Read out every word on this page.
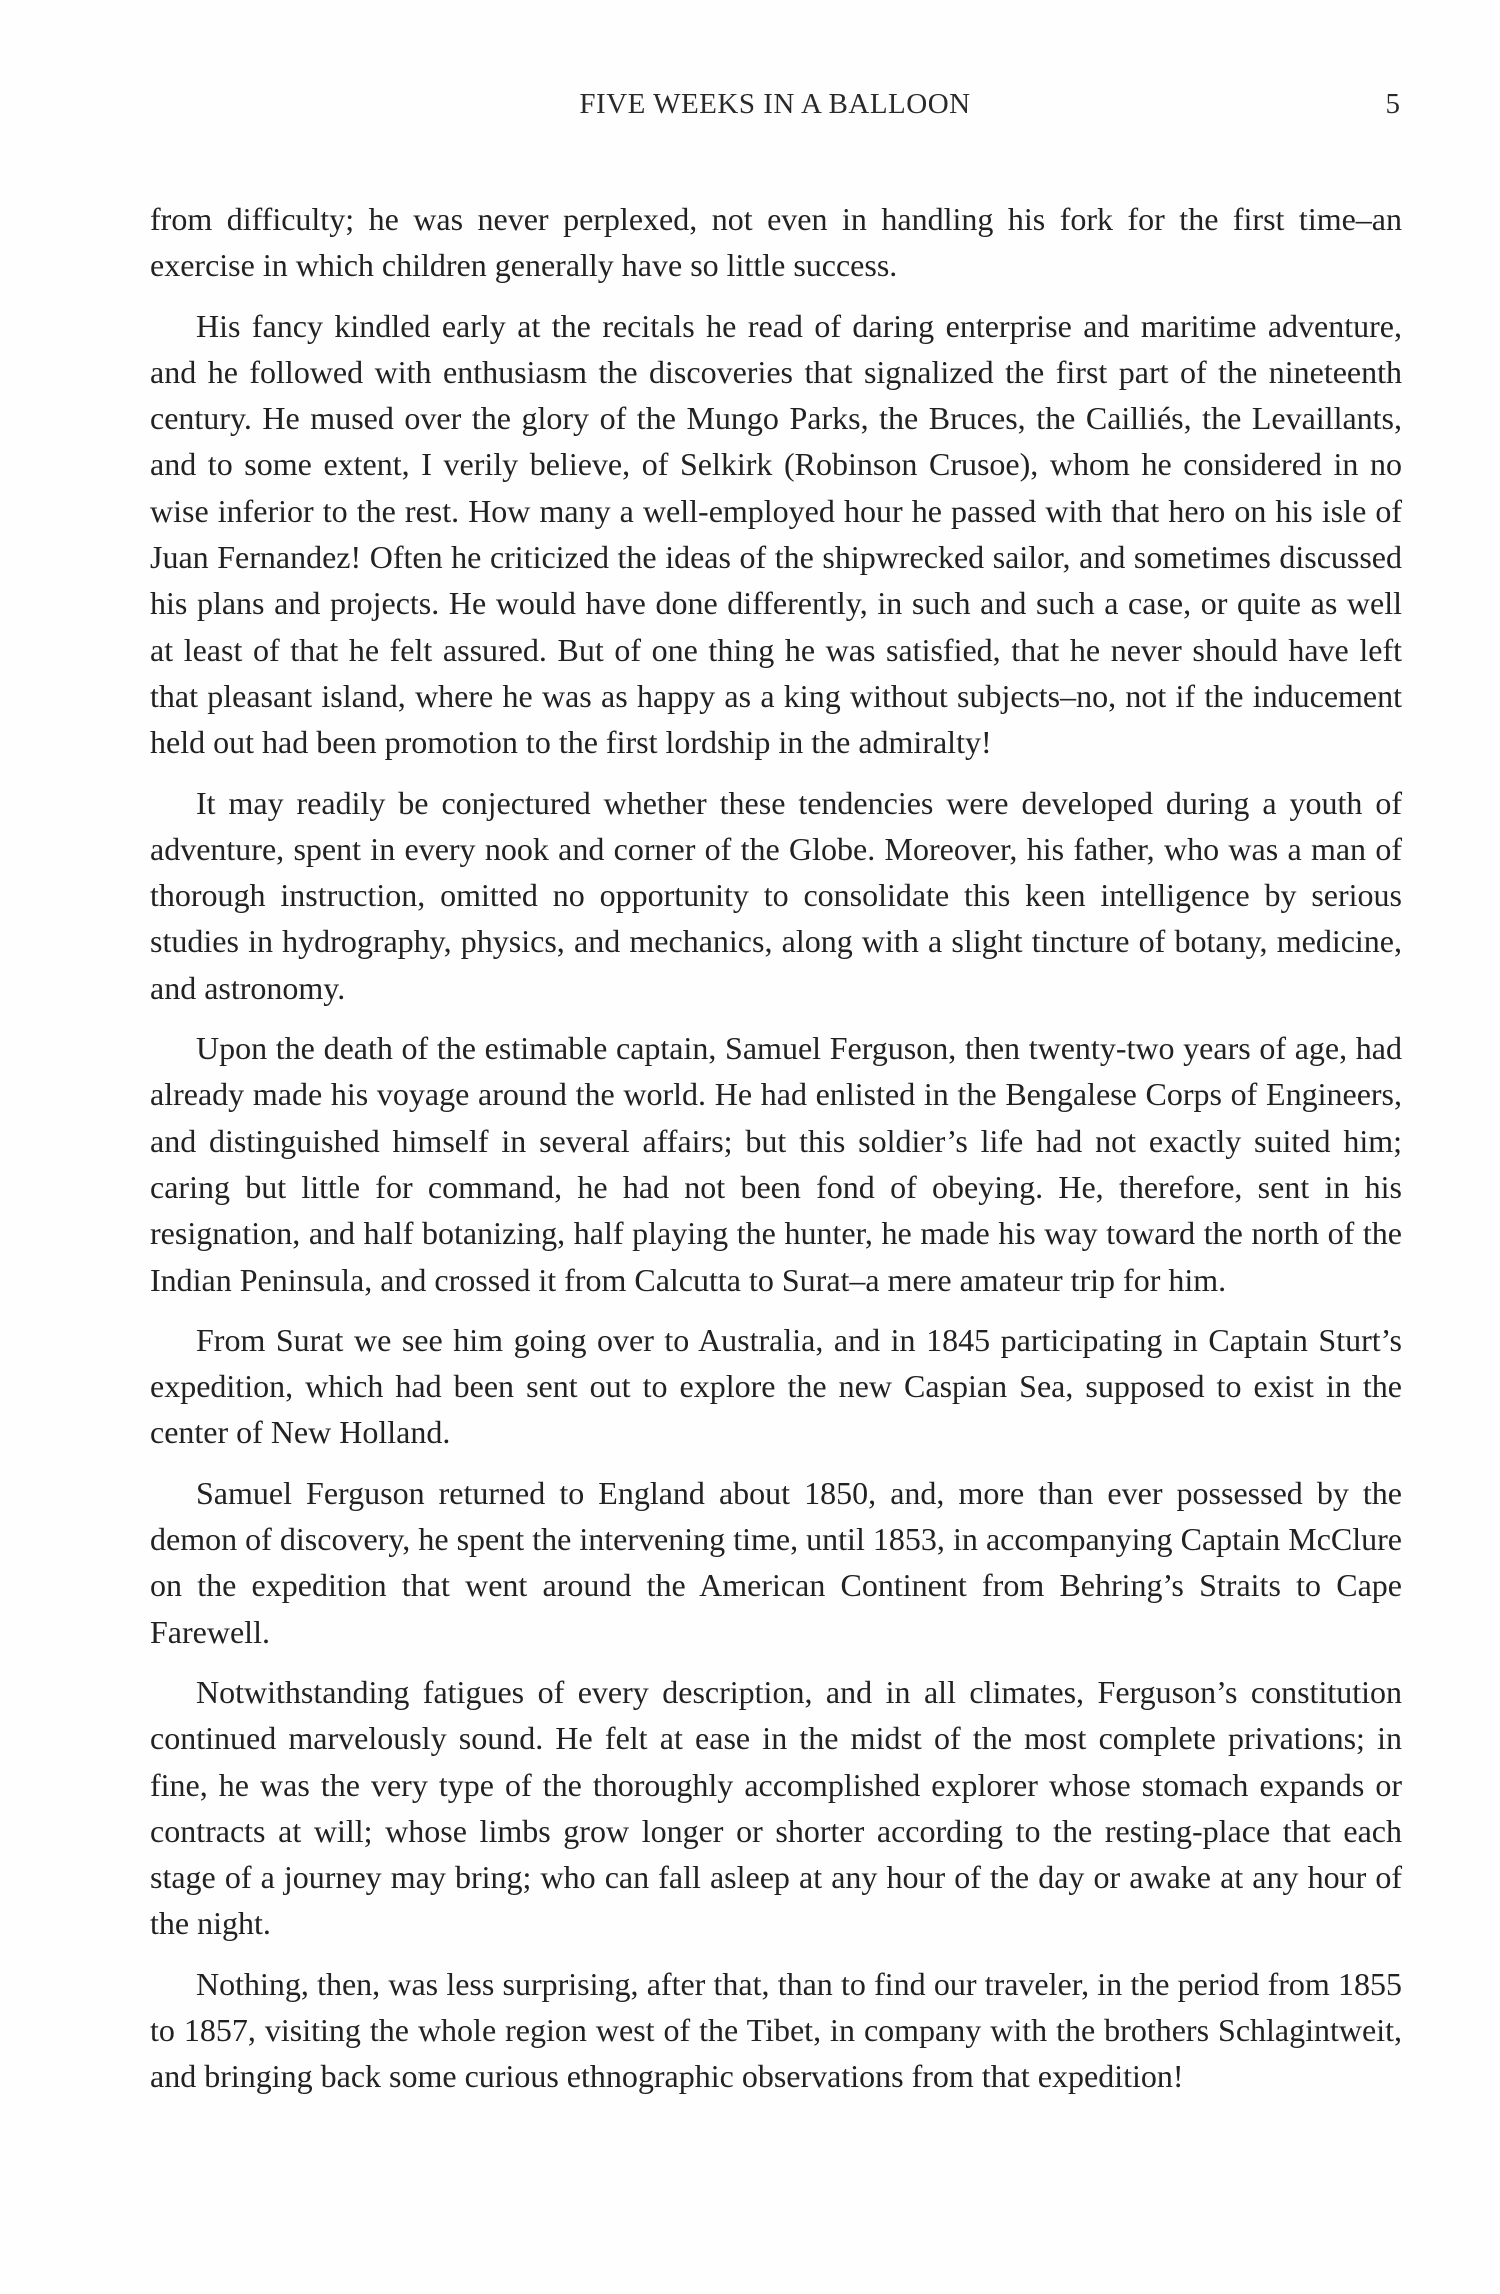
FIVE WEEKS IN A BALLOON	5

from difficulty; he was never perplexed, not even in handling his fork for the first time–an exercise in which children generally have so little success.

His fancy kindled early at the recitals he read of daring enterprise and maritime adventure, and he followed with enthusiasm the discoveries that signalized the first part of the nineteenth century. He mused over the glory of the Mungo Parks, the Bruces, the Cailliés, the Levaillants, and to some extent, I verily believe, of Selkirk (Robinson Crusoe), whom he considered in no wise inferior to the rest. How many a well-employed hour he passed with that hero on his isle of Juan Fernandez! Often he criticized the ideas of the shipwrecked sailor, and sometimes discussed his plans and projects. He would have done differently, in such and such a case, or quite as well at least of that he felt assured. But of one thing he was satisfied, that he never should have left that pleasant island, where he was as happy as a king without subjects–no, not if the inducement held out had been promotion to the first lordship in the admiralty!

It may readily be conjectured whether these tendencies were developed during a youth of adventure, spent in every nook and corner of the Globe. Moreover, his father, who was a man of thorough instruction, omitted no opportunity to consolidate this keen intelligence by serious studies in hydrography, physics, and mechanics, along with a slight tincture of botany, medicine, and astronomy.

Upon the death of the estimable captain, Samuel Ferguson, then twenty-two years of age, had already made his voyage around the world. He had enlisted in the Bengalese Corps of Engineers, and distinguished himself in several affairs; but this soldier’s life had not exactly suited him; caring but little for command, he had not been fond of obeying. He, therefore, sent in his resignation, and half botanizing, half playing the hunter, he made his way toward the north of the Indian Peninsula, and crossed it from Calcutta to Surat–a mere amateur trip for him.

From Surat we see him going over to Australia, and in 1845 participating in Captain Sturt’s expedition, which had been sent out to explore the new Caspian Sea, supposed to exist in the center of New Holland.

Samuel Ferguson returned to England about 1850, and, more than ever possessed by the demon of discovery, he spent the intervening time, until 1853, in accompanying Captain McClure on the expedition that went around the American Continent from Behring’s Straits to Cape Farewell.

Notwithstanding fatigues of every description, and in all climates, Ferguson’s constitution continued marvelously sound. He felt at ease in the midst of the most complete privations; in fine, he was the very type of the thoroughly accomplished explorer whose stomach expands or contracts at will; whose limbs grow longer or shorter according to the resting-place that each stage of a journey may bring; who can fall asleep at any hour of the day or awake at any hour of the night.

Nothing, then, was less surprising, after that, than to find our traveler, in the period from 1855 to 1857, visiting the whole region west of the Tibet, in company with the brothers Schlagintweit, and bringing back some curious ethnographic observations from that expedition!
